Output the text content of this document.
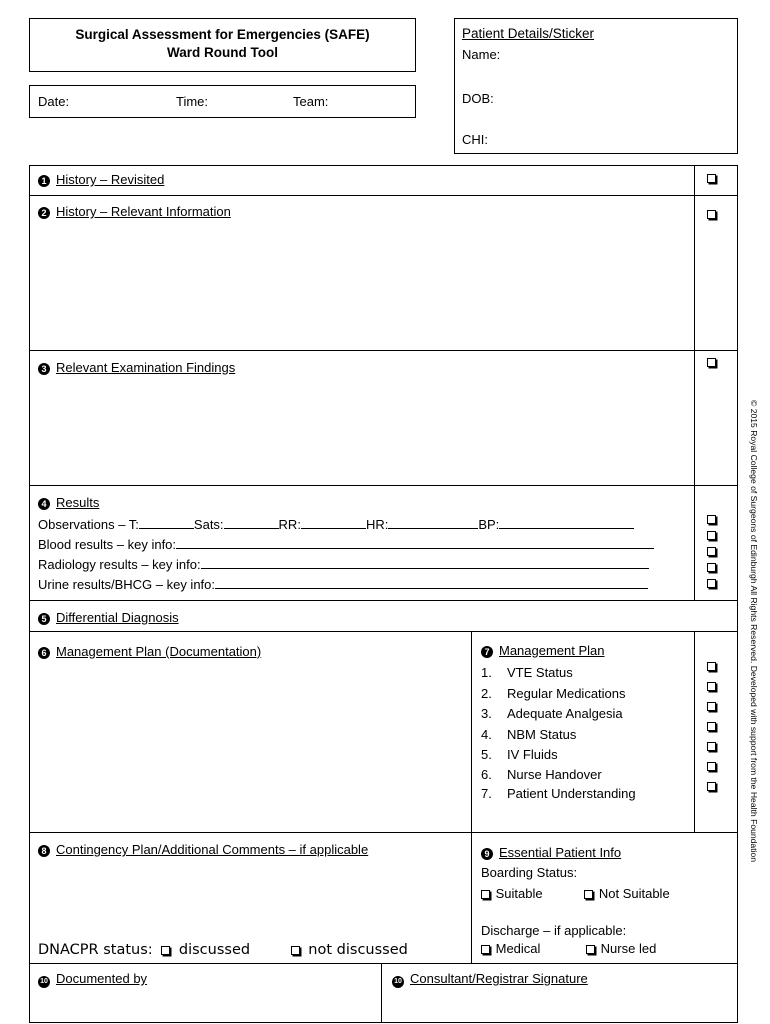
Surgical Assessment for Emergencies (SAFE)
Ward Round Tool
Date:	Time:	Team:
Patient Details/Sticker
Name:
DOB:
CHI:
1 History – Revisited
2 History – Relevant Information
3 Relevant Examination Findings
4 Results
Observations – T:	Sats:	RR:	HR:	BP:
Blood results – key info:
Radiology results – key info:
Urine results/BHCG – key info:
5 Differential Diagnosis
6 Management Plan (Documentation)	7 Management Plan
1. VTE Status
2. Regular Medications
3. Adequate Analgesia
4. NBM Status
5. IV Fluids
6. Nurse Handover
7. Patient Understanding
8 Contingency Plan/Additional Comments – if applicable
DNACPR status: discussed	not discussed
9 Essential Patient Info
Boarding Status:
Suitable	Not Suitable
Discharge – if applicable:
Medical	Nurse led
10 Documented by	10 Consultant/Registrar Signature
© 2015 Royal College of Surgeons of Edinburgh All Rights Reserved. Developed with support from the Health Foundation
